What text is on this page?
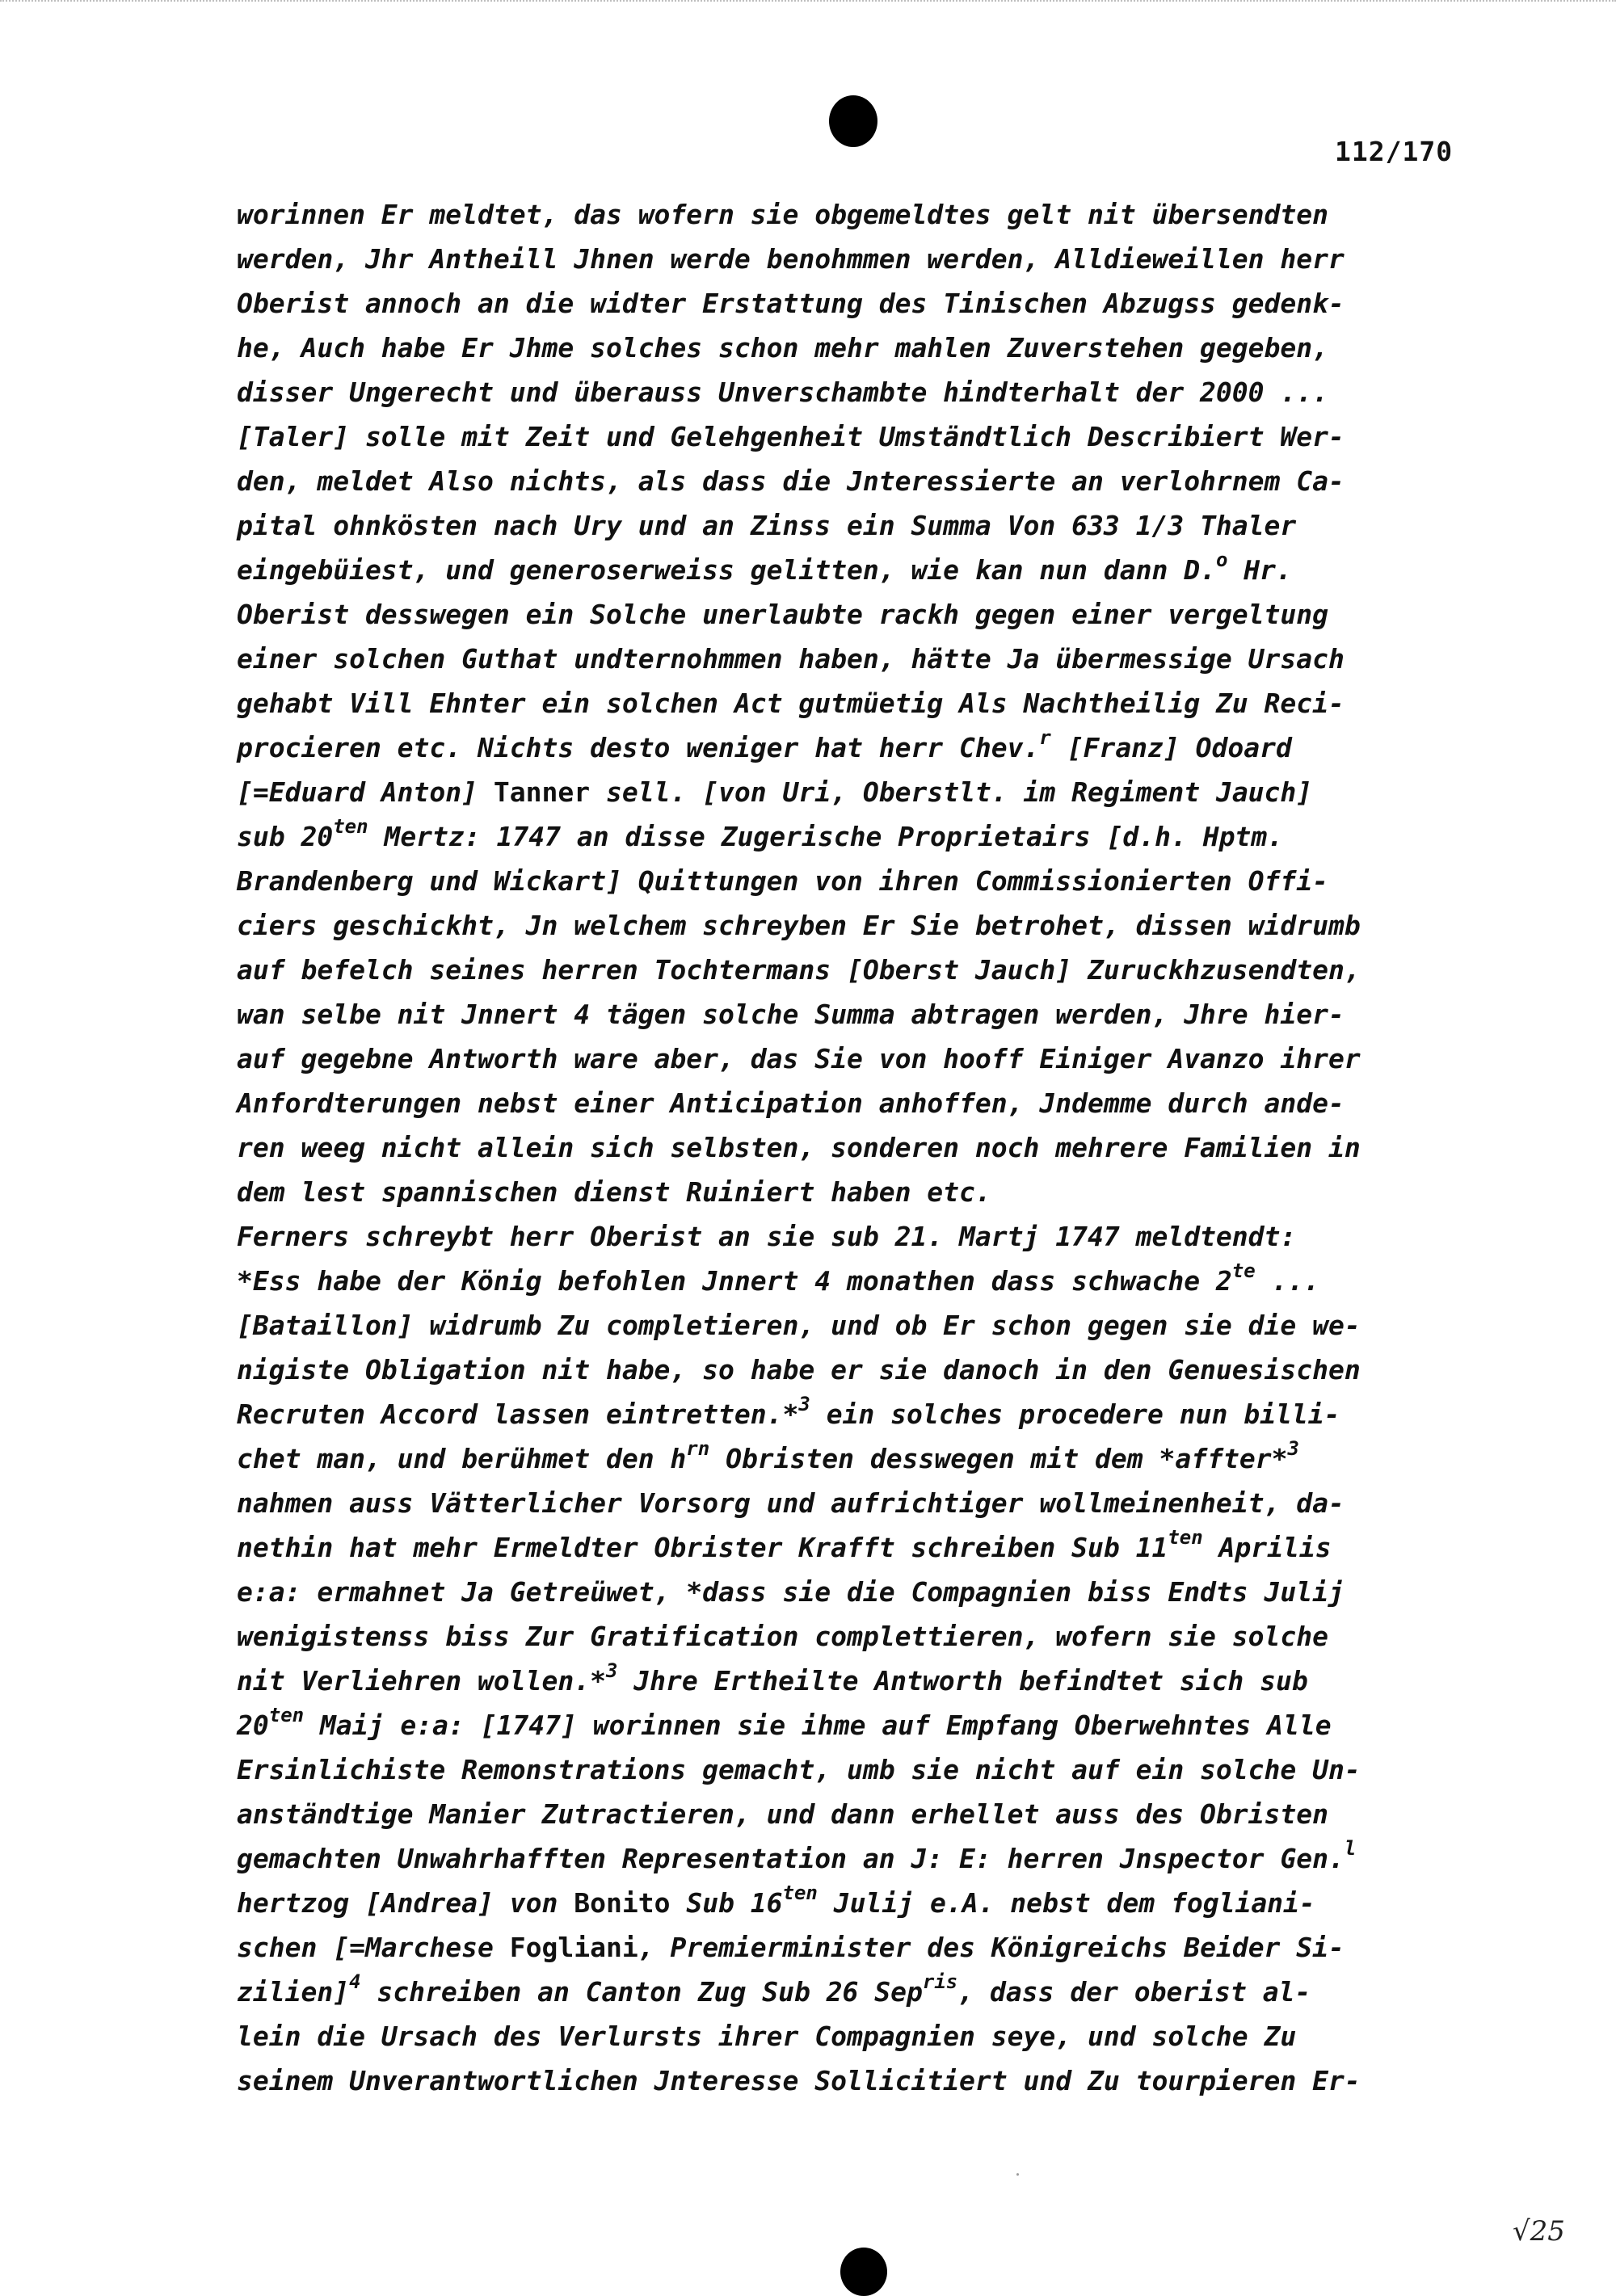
112/170
worinnen Er meldtet, das wofern sie obgemeldtes gelt nit übersendten
werden, Jhr Antheill Jhnen werde benohmmen werden, Alldieweillen herr
Oberist annoch an die widter Erstattung des Tinischen Abzugss gedenk-
he, Auch habe Er Jhme solches schon mehr mahlen Zuverstehen gegeben,
disser Ungerecht und überauss Unverschambte hindterhalt der 2000 ...
[Taler] solle mit Zeit und Gelehgenheit Umständtlich Describiert Wer-
den, meldet Also nichts, als dass die Jnteressierte an verlohrnem Ca-
pital ohnkösten nach Ury und an Zinss ein Summa Von 633 1/3 Thaler
eingebüiest, und generoserweiss gelitten, wie kan nun dann D.$^o$ Hr.
Oberist desswegen ein Solche unerlaubte rackh gegen einer vergeltung
einer solchen Guthat undternohmmen haben, hätte Ja übermessige Ursach
gehabt Vill Ehnter ein solchen Act gutmüetig Als Nachtheilig Zu Reci-
procieren etc. Nichts desto weniger hat herr Chev.$^r$ [Franz] Odoard
[=Eduard Anton] Tanner sell. [von Uri, Oberstlt. im Regiment Jauch]
sub $20^{ten}$ Mertz: 1747 an disse Zugerische Proprietairs [d.h. Hptm.
Brandenberg und Wickart] Quittungen von ihren Commissionierten Offi-
ciers geschickht, Jn welchem schreyben Er Sie betrohet, dissen widrumb
auf befelch seines herren Tochtermans [Oberst Jauch] Zuruckhzusendten,
wan selbe nit Jnnert 4 tägen solche Summa abtragen werden, Jhre hier-
auf gegebne Antworth ware aber, das Sie von hooff Einiger Avanzo ihrer
Anfordterungen nebst einer Anticipation anhoffen, Jndemme durch ande-
ren weeg nicht allein sich selbsten, sonderen noch mehrere Familien in
dem lest spannischen dienst Ruiniert haben etc.
Ferners schreybt herr Oberist an sie sub 21. Martj 1747 meldtendt:
*Ess habe der König befohlen Jnnert 4 monathen dass schwache $2^{te}$ ...
[Bataillon] widrumb Zu completieren, und ob Er schon gegen sie die we-
nigiste Obligation nit habe, so habe er sie danoch in den Genuesischen
Recruten Accord lassen eintretten.*$^3$ ein solches procedere nun billi-
chet man, und berühmet den $h^{rn}$ Obristen desswegen mit dem *affter*$^3$
nahmen auss Vätterlicher Vorsorg und aufrichtiger wollmeinenheit, da-
nethin hat mehr Ermeldter Obrister Krafft schreiben Sub $11^{ten}$ Aprilis
e:a: ermahnet Ja Getreüwet, *dass sie die Compagnien biss Endts Julij
wenigistenss biss Zur Gratification complettieren, wofern sie solche
nit Verliehren wollen.*$^3$ Jhre Ertheilte Antworth befindtet sich sub
$20^{ten}$ Maij e:a: [1747] worinnen sie ihme auf Empfang Oberwehntes Alle
Ersinlichiste Remonstrations gemacht, umb sie nicht auf ein solche Un-
anständtige Manier Zutractieren, und dann erhellet auss des Obristen
gemachten Unwahrhafften Representation an J: E: herren Jnspector Gen.$^l$
hertzog [Andrea] von Bonito Sub $16^{ten}$ Julij e.A. nebst dem fogliani-
schen [=Marchese Fogliani, Premierminister des Königreichs Beider Si-
zilien]$^4$ schreiben an Canton Zug Sub 26 Sep$^{ris}$, dass der oberist al-
lein die Ursach des Verlursts ihrer Compagnien seye, und solche Zu
seinem Unverantwortlichen Jnteresse Sollicitiert und Zu tourpieren Er-
√25
